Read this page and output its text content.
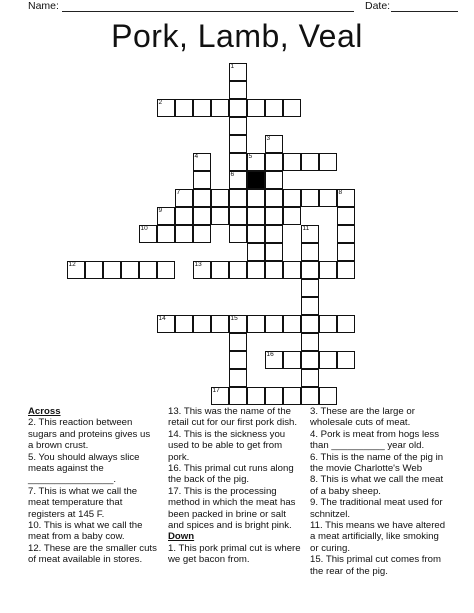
Name:	Date:
Pork, Lamb, Veal
2
5
7
9
10
12	13
14	15
16
17
1
6
3
4
8
11
Across
2. This reaction between sugars and proteins gives us a brown crust.
5. You should always slice meats against the ________________.
7. This is what we call the meat temperature that registers at 145 F.
10. This is what we call the meat from a baby cow.
12. These are the smaller cuts of meat available in stores.
13. This was the name of the retail cut for our first pork dish.
14. This is the sickness you used to be able to get from pork.
16. This primal cut runs along the back of the pig.
17. This is the processing method in which the meat has been packed in brine or salt and spices and is bright pink.
Down
1. This pork primal cut is where we get bacon from.
3. These are the large or wholesale cuts of meat.
4. Pork is meat from hogs less than __________ year old.
6. This is the name of the pig in the movie Charlotte's Web
8. This is what we call the meat of a baby sheep.
9. The traditional meat used for schnitzel.
11. This means we have altered a meat artificially, like smoking or curing.
15. This primal cut comes from the rear of the pig.
